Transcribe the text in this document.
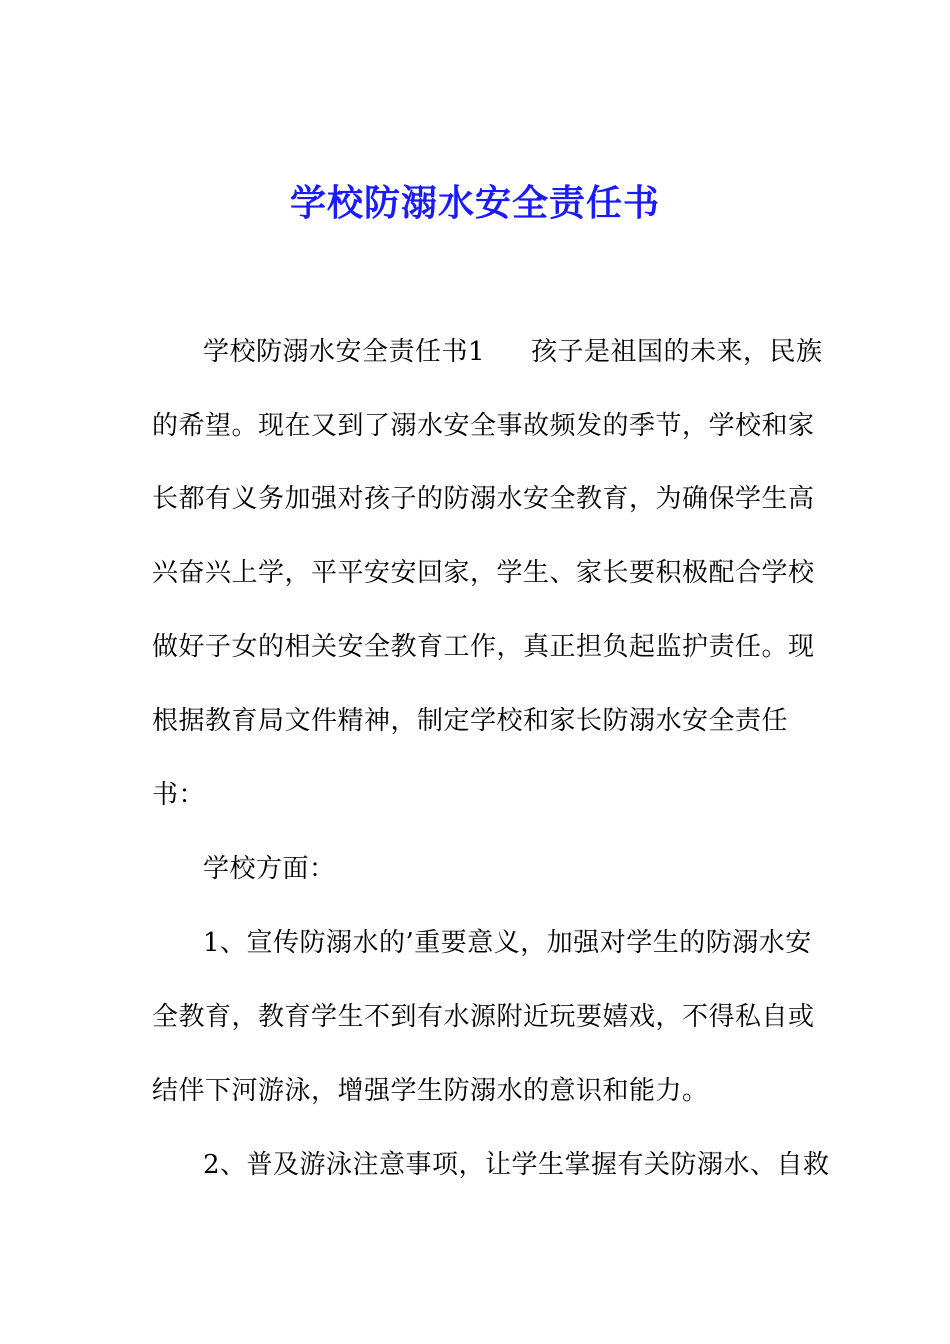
学校防溺水安全责任书
学校防溺水安全责任书1 孩子是祖国的未来，民族
的希望。现在又到了溺水安全事故频发的季节，学校和家
长都有义务加强对孩子的防溺水安全教育，为确保学生高
兴奋兴上学，平平安安回家，学生、家长要积极配合学校
做好子女的相关安全教育工作，真正担负起监护责任。现
根据教育局文件精神，制定学校和家长防溺水安全责任
书：
学校方面：
1、宣传防溺水的’重要意义，加强对学生的防溺水安
全教育，教育学生不到有水源附近玩要嬉戏，不得私自或
结伴下河游泳，增强学生防溺水的意识和能力。
2、普及游泳注意事项，让学生掌握有关防溺水、自救
